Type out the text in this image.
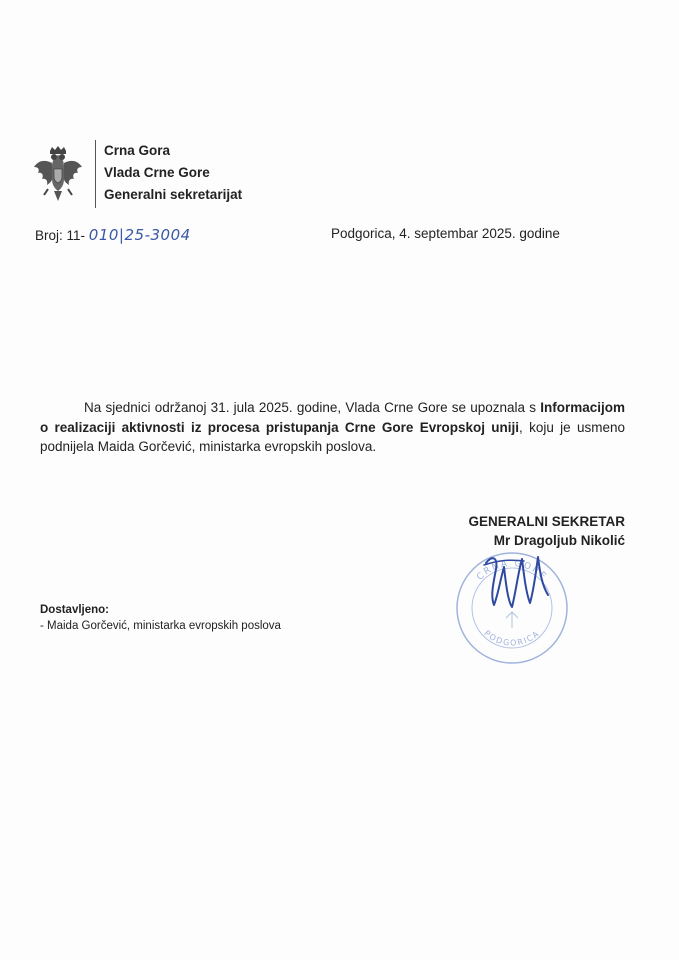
Crna Gora
Vlada Crne Gore
Generalni sekretarijat
Broj: 11- 010|25-3004	Podgorica, 4. septembar 2025. godine

Na sjednici održanoj 31. jula 2025. godine, Vlada Crne Gore se upoznala s Informacijom o realizaciji aktivnosti iz procesa pristupanja Crne Gore Evropskoj uniji, koju je usmeno podnijela Maida Gorčević, ministarka evropskih poslova.

CRNA GORE
PODGORICA
GENERALNI SEKRETAR
Mr Dragoljub Nikolić
Dostavljeno:
- Maida Gorčević, ministarka evropskih poslova
